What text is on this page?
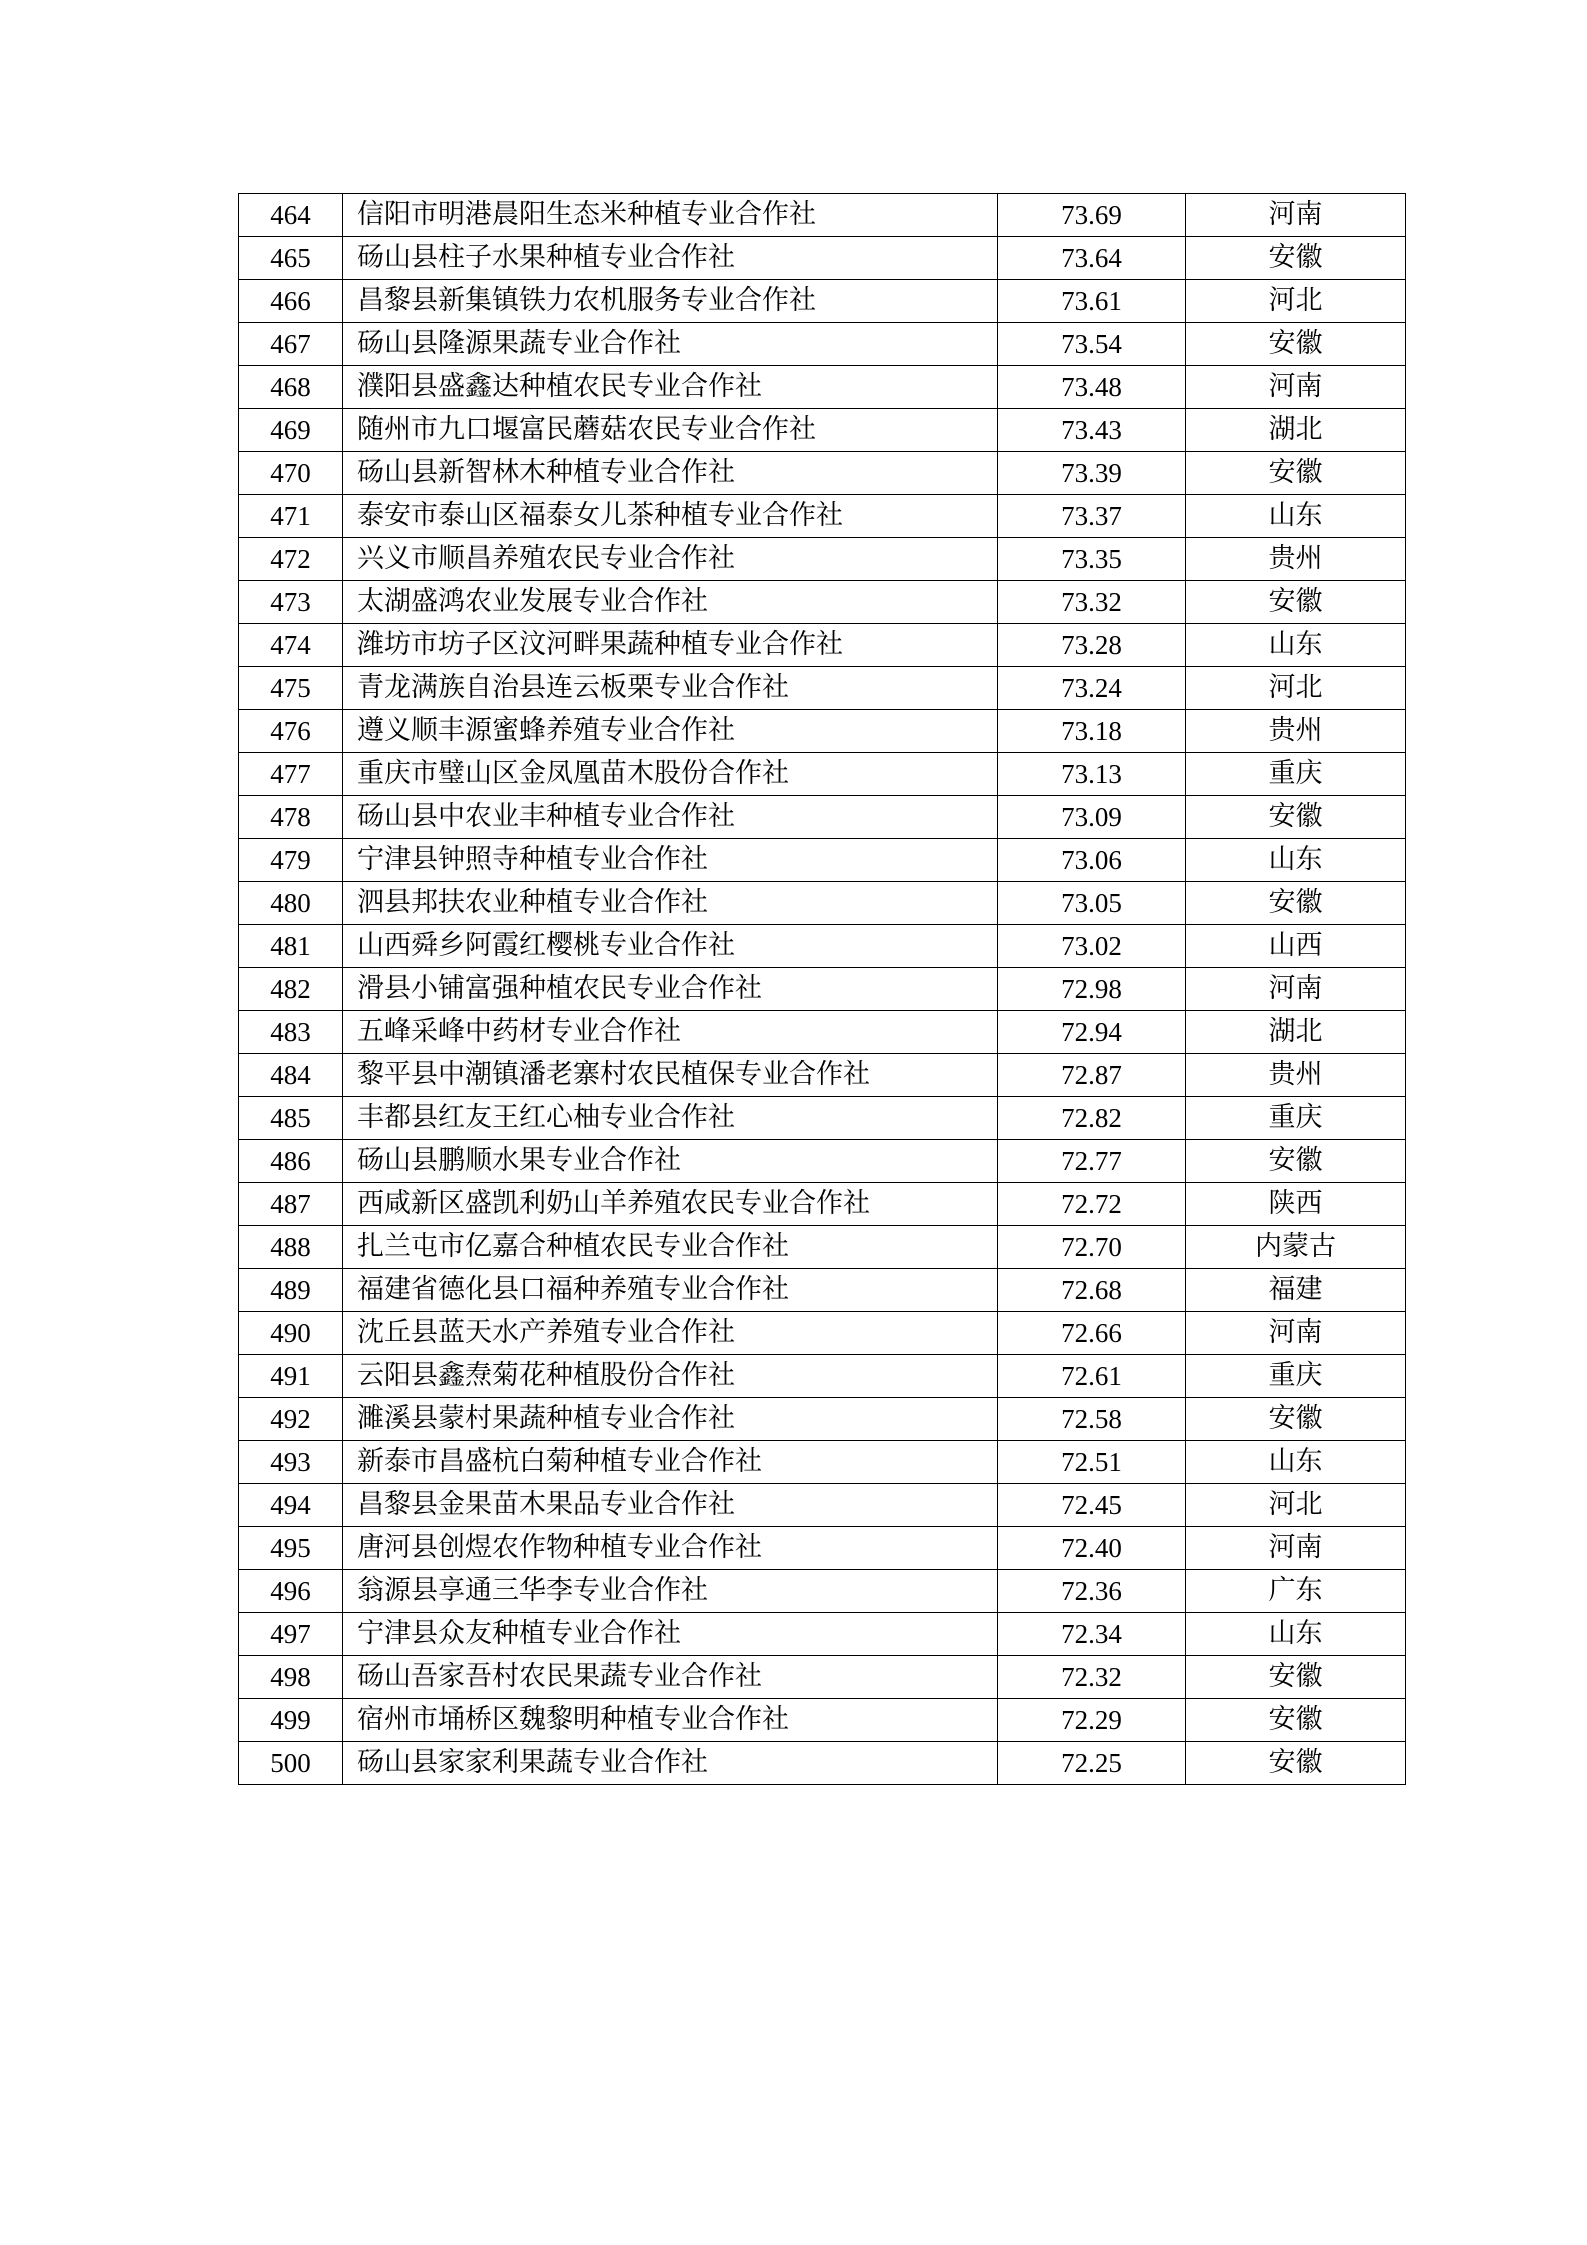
464	信阳市明港晨阳生态米种植专业合作社	73.69	河南
465	砀山县柱子水果种植专业合作社	73.64	安徽
466	昌黎县新集镇铁力农机服务专业合作社	73.61	河北
467	砀山县隆源果蔬专业合作社	73.54	安徽
468	濮阳县盛鑫达种植农民专业合作社	73.48	河南
469	随州市九口堰富民蘑菇农民专业合作社	73.43	湖北
470	砀山县新智林木种植专业合作社	73.39	安徽
471	泰安市泰山区福泰女儿茶种植专业合作社	73.37	山东
472	兴义市顺昌养殖农民专业合作社	73.35	贵州
473	太湖盛鸿农业发展专业合作社	73.32	安徽
474	潍坊市坊子区汶河畔果蔬种植专业合作社	73.28	山东
475	青龙满族自治县连云板栗专业合作社	73.24	河北
476	遵义顺丰源蜜蜂养殖专业合作社	73.18	贵州
477	重庆市璧山区金凤凰苗木股份合作社	73.13	重庆
478	砀山县中农业丰种植专业合作社	73.09	安徽
479	宁津县钟照寺种植专业合作社	73.06	山东
480	泗县邦扶农业种植专业合作社	73.05	安徽
481	山西舜乡阿霞红樱桃专业合作社	73.02	山西
482	滑县小铺富强种植农民专业合作社	72.98	河南
483	五峰采峰中药材专业合作社	72.94	湖北
484	黎平县中潮镇潘老寨村农民植保专业合作社	72.87	贵州
485	丰都县红友王红心柚专业合作社	72.82	重庆
486	砀山县鹏顺水果专业合作社	72.77	安徽
487	西咸新区盛凯利奶山羊养殖农民专业合作社	72.72	陕西
488	扎兰屯市亿嘉合种植农民专业合作社	72.70	内蒙古
489	福建省德化县口福种养殖专业合作社	72.68	福建
490	沈丘县蓝天水产养殖专业合作社	72.66	河南
491	云阳县鑫焘菊花种植股份合作社	72.61	重庆
492	濉溪县蒙村果蔬种植专业合作社	72.58	安徽
493	新泰市昌盛杭白菊种植专业合作社	72.51	山东
494	昌黎县金果苗木果品专业合作社	72.45	河北
495	唐河县创煜农作物种植专业合作社	72.40	河南
496	翁源县享通三华李专业合作社	72.36	广东
497	宁津县众友种植专业合作社	72.34	山东
498	砀山吾家吾村农民果蔬专业合作社	72.32	安徽
499	宿州市埇桥区魏黎明种植专业合作社	72.29	安徽
500	砀山县家家利果蔬专业合作社	72.25	安徽
